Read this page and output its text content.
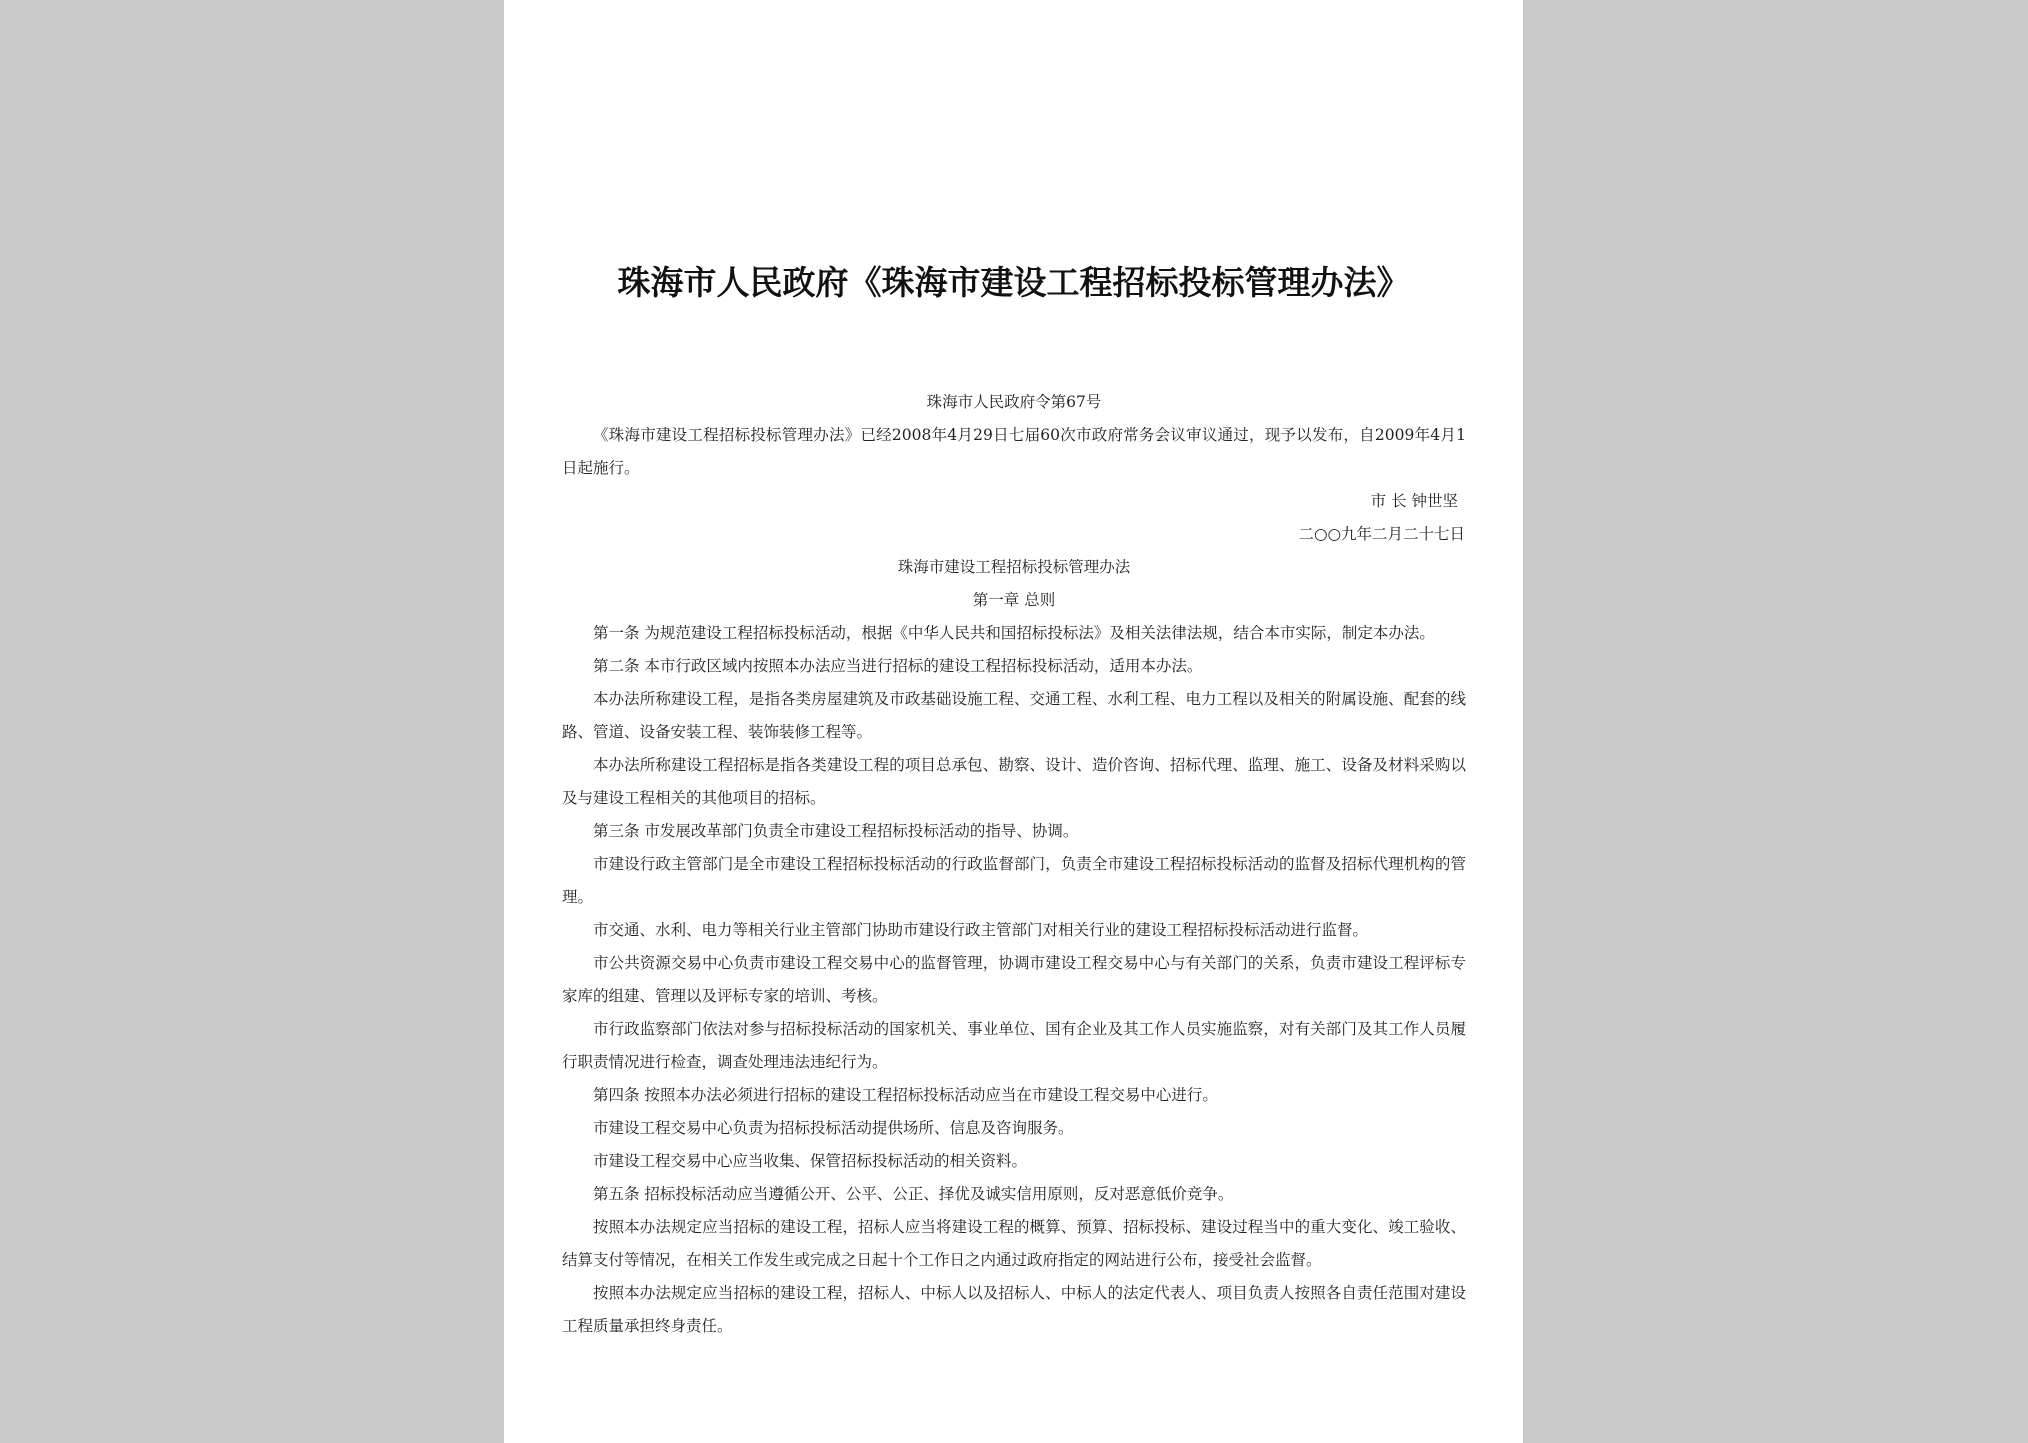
珠海市人民政府《珠海市建设工程招标投标管理办法》
珠海市人民政府令第67号
《珠海市建设工程招标投标管理办法》已经2008年4月29日七届60次市政府常务会议审议通过，现予以发布，自2009年4月1日起施行。
市 长 钟世坚
二○○九年二月二十七日
珠海市建设工程招标投标管理办法
第一章 总则
第一条 为规范建设工程招标投标活动，根据《中华人民共和国招标投标法》及相关法律法规，结合本市实际，制定本办法。
第二条 本市行政区域内按照本办法应当进行招标的建设工程招标投标活动，适用本办法。
本办法所称建设工程，是指各类房屋建筑及市政基础设施工程、交通工程、水利工程、电力工程以及相关的附属设施、配套的线路、管道、设备安装工程、装饰装修工程等。
本办法所称建设工程招标是指各类建设工程的项目总承包、勘察、设计、造价咨询、招标代理、监理、施工、设备及材料采购以及与建设工程相关的其他项目的招标。
第三条 市发展改革部门负责全市建设工程招标投标活动的指导、协调。
市建设行政主管部门是全市建设工程招标投标活动的行政监督部门，负责全市建设工程招标投标活动的监督及招标代理机构的管理。
市交通、水利、电力等相关行业主管部门协助市建设行政主管部门对相关行业的建设工程招标投标活动进行监督。
市公共资源交易中心负责市建设工程交易中心的监督管理，协调市建设工程交易中心与有关部门的关系，负责市建设工程评标专家库的组建、管理以及评标专家的培训、考核。
市行政监察部门依法对参与招标投标活动的国家机关、事业单位、国有企业及其工作人员实施监察，对有关部门及其工作人员履行职责情况进行检查，调查处理违法违纪行为。
第四条 按照本办法必须进行招标的建设工程招标投标活动应当在市建设工程交易中心进行。
市建设工程交易中心负责为招标投标活动提供场所、信息及咨询服务。
市建设工程交易中心应当收集、保管招标投标活动的相关资料。
第五条 招标投标活动应当遵循公开、公平、公正、择优及诚实信用原则，反对恶意低价竞争。
按照本办法规定应当招标的建设工程，招标人应当将建设工程的概算、预算、招标投标、建设过程当中的重大变化、竣工验收、结算支付等情况，在相关工作发生或完成之日起十个工作日之内通过政府指定的网站进行公布，接受社会监督。
按照本办法规定应当招标的建设工程，招标人、中标人以及招标人、中标人的法定代表人、项目负责人按照各自责任范围对建设工程质量承担终身责任。
